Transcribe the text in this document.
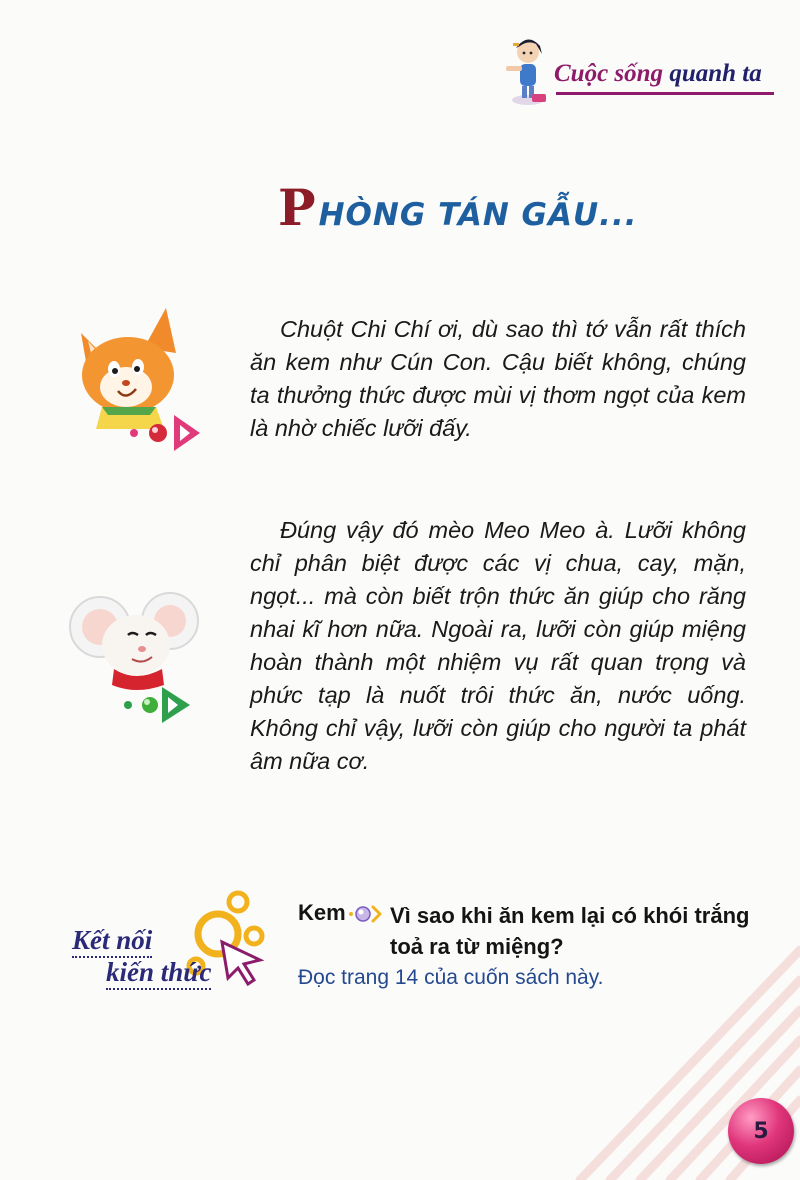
Cuộc sống quanh ta
PHÒNG TÁN GẪU...

Chuột Chi Chí ơi, dù sao thì tớ vẫn rất thích ăn kem như Cún Con. Cậu biết không, chúng ta thưởng thức được mùi vị thơm ngọt của kem là nhờ chiếc lưỡi đấy.

Đúng vậy đó mèo Meo Meo à. Lưỡi không chỉ phân biệt được các vị chua, cay, mặn, ngọt... mà còn biết trộn thức ăn giúp cho răng nhai kĩ hơn nữa. Ngoài ra, lưỡi còn giúp miệng hoàn thành một nhiệm vụ rất quan trọng và phức tạp là nuốt trôi thức ăn, nước uống. Không chỉ vậy, lưỡi còn giúp cho người ta phát âm nữa cơ.

Kết nối
kiến thức
Kem Vì sao khi ăn kem lại có khói trắng toả ra từ miệng?

Đọc trang 14 của cuốn sách này.

5
